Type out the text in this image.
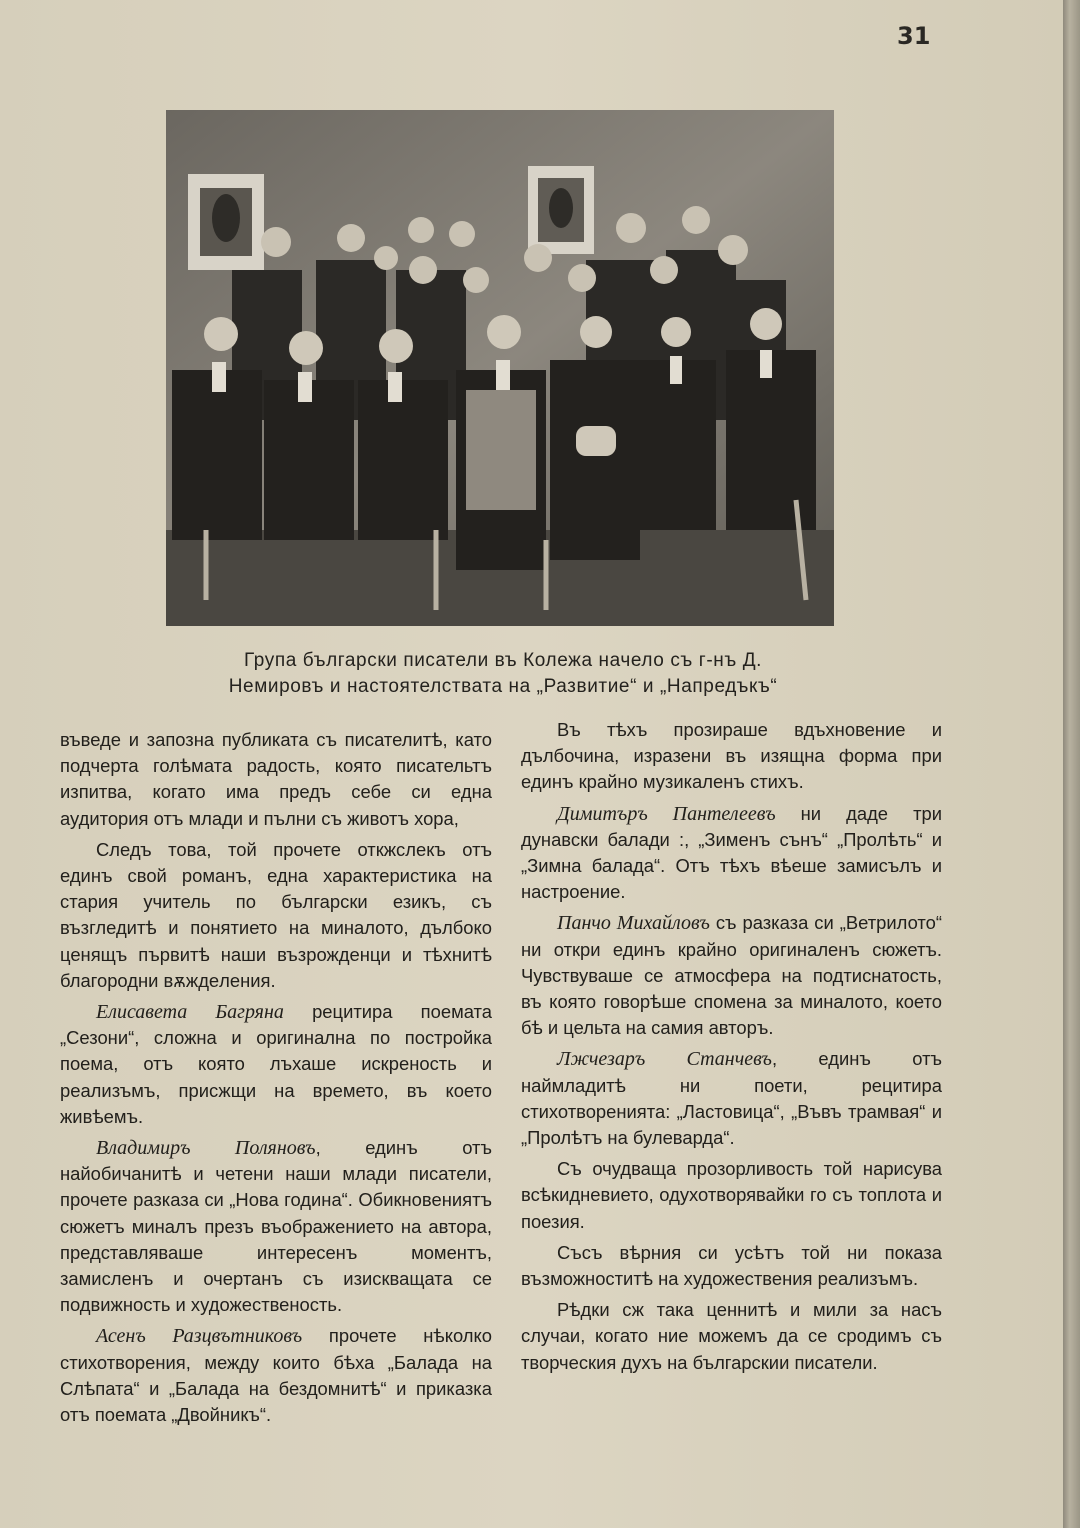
31
Група български писатели въ Колежа начело съ г-нъ Д.
Немировъ и настоятелствата на „Развитие“ и „Напредъкъ“

въведе и запозна публиката съ писателитѣ, като подчерта голѣмата радость, която писательтъ изпитва, когато има предъ себе си една аудитория отъ млади и пълни съ животъ хора,

Следъ това, той прочете откжслекъ отъ единъ свой романъ, една характеристика на стария учитель по български езикъ, съ възгледитѣ и понятието на миналото, дълбоко ценящъ първитѣ наши възрожденци и тѣхнитѣ благородни вѫждeления.

Елисавета Багряна рецитира поемата „Сезони“, сложна и оригинална по постройка поема, отъ която лъхаше искреность и реализъмъ, присжщи на времето, въ което живѣемъ.

Владимиръ Поляновъ, единъ отъ найобичанитѣ и четени наши млади писатели, прочете разказа си „Нова година“. Обикновениятъ сюжетъ миналъ презъ въображението на автора, представляваше интересенъ моментъ, замисленъ и очертанъ съ изискващата се подвижность и художественость.

Асенъ Разцвътниковъ прочете нѣколко стихотворения, между които бѣха „Балада на Слѣпата“ и „Балада на бездомнитѣ“ и приказка отъ поемата „Двойникъ“.

Въ тѣхъ прозираше вдъхновение и дълбочина, изразени въ изящна форма при единъ крайно музикаленъ стихъ.

Димитъръ Пантелеевъ ни даде три дунавски балади :, „Зименъ сънъ“ „Пролѣть“ и „Зимна балада“. Отъ тѣхъ вѣеше замисълъ и настроение.

Панчо Михайловъ съ разказа си „Ветрилото“ ни откри единъ крайно оригиналенъ сюжетъ. Чувствуваше се атмосфера на подтиснатость, въ която говорѣше спомена за миналото, което бѣ и цельта на самия авторъ.

Лжчезаръ Станчевъ, единъ отъ наймладитѣ ни поети, рецитира стихотворенията: „Ластовица“, „Въвъ трамвая“ и „Пролѣтъ на булеварда“.

Съ очудваща прозорливость той нарисува всѣкидневието, одухотворявайки го съ топлота и поезия.

Съсъ вѣрния си усѣтъ той ни показа възможноститѣ на художествения реализъмъ.

Рѣдки сж така ценнитѣ и мили за насъ случаи, когато ние можемъ да се сродимъ съ творческия духъ на българскии писатели.
